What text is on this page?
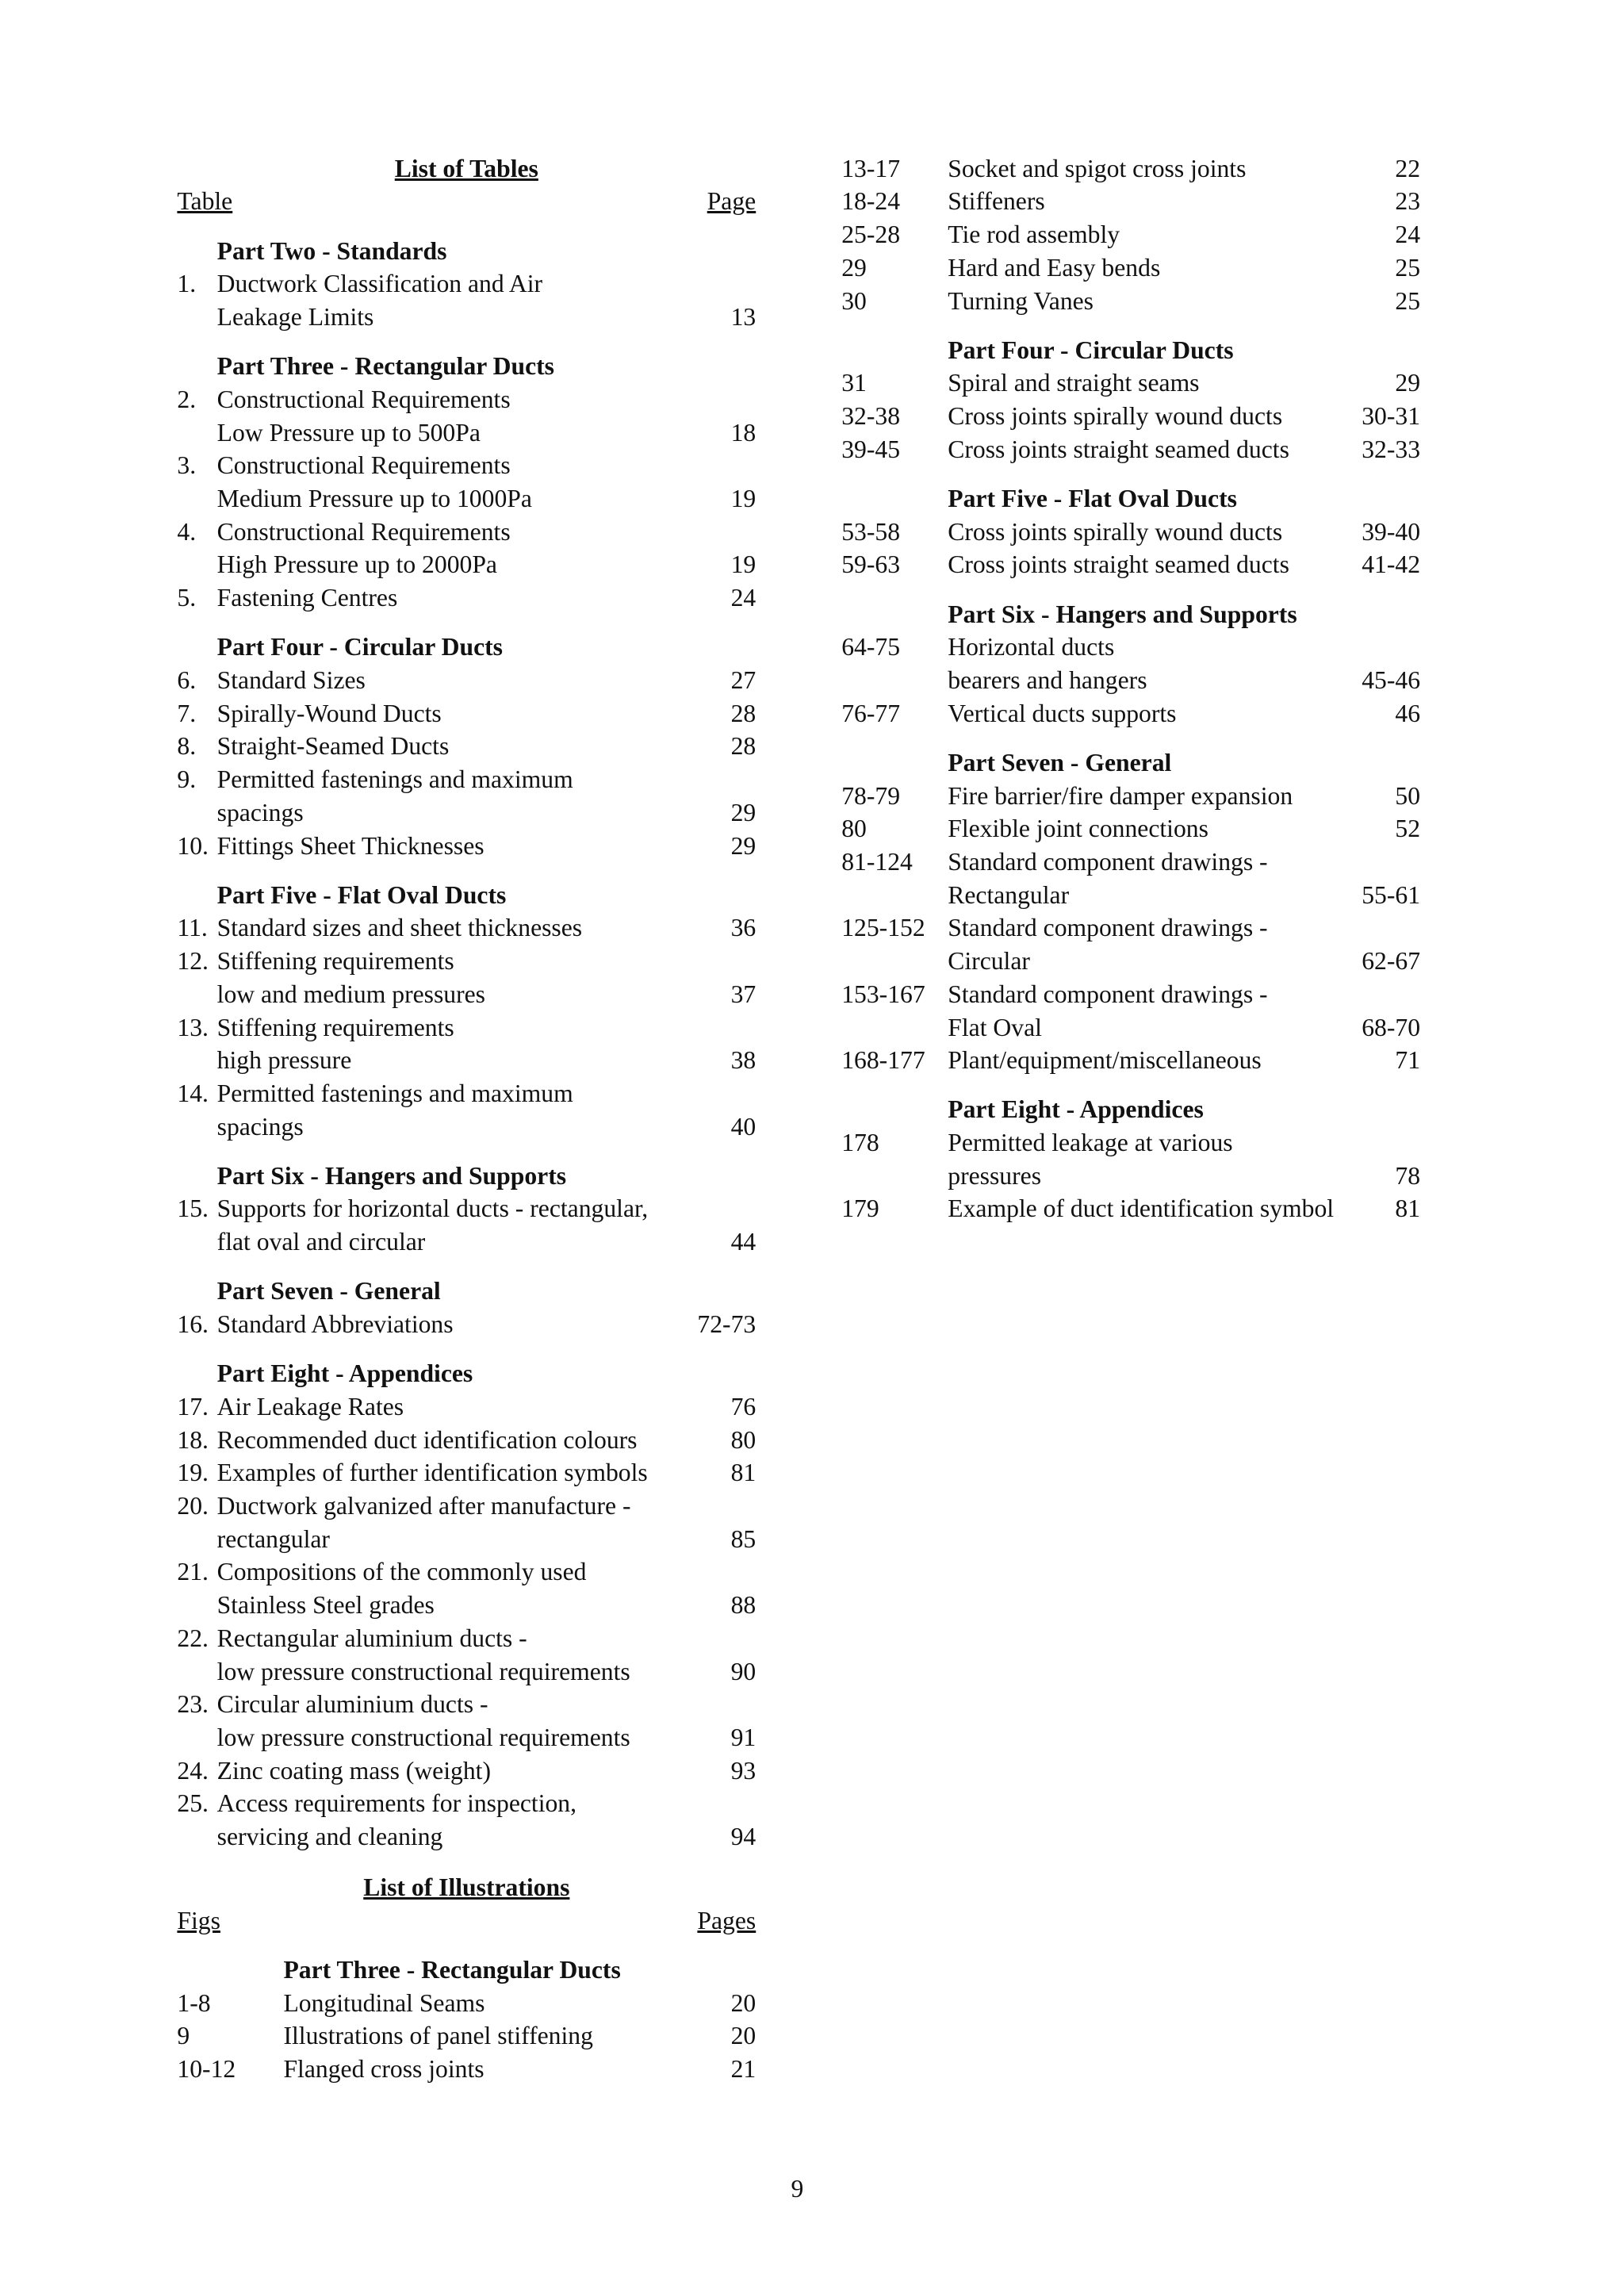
List of Tables
Table	Page
Part Two - Standards
1.	Ductwork Classification and Air
Leakage Limits	13
Part Three - Rectangular Ducts
2.	Constructional Requirements
Low Pressure up to 500Pa	18
3.	Constructional Requirements
Medium Pressure up to 1000Pa	19
4.	Constructional Requirements
High Pressure up to 2000Pa	19
5.	Fastening Centres	24
Part Four - Circular Ducts
6.	Standard Sizes	27
7.	Spirally-Wound Ducts	28
8.	Straight-Seamed Ducts	28
9.	Permitted fastenings and maximum
spacings	29
10. Fittings Sheet Thicknesses	29
Part Five - Flat Oval Ducts
11. Standard sizes and sheet thicknesses	36
12. Stiffening requirements
low and medium pressures	37
13. Stiffening requirements
high pressure	38
14. Permitted fastenings and maximum
spacings	40
Part Six - Hangers and Supports
15. Supports for horizontal ducts - rectangular,
flat oval and circular	44
Part Seven - General
16. Standard Abbreviations	72-73
Part Eight - Appendices
17. Air Leakage Rates	76
18. Recommended duct identification colours	80
19. Examples of further identification symbols	81
20. Ductwork galvanized after manufacture -
rectangular	85
21. Compositions of the commonly used
Stainless Steel grades	88
22. Rectangular aluminium ducts -
low pressure constructional requirements	90
23. Circular aluminium ducts -
low pressure constructional requirements	91
24. Zinc coating mass (weight)	93
25. Access requirements for inspection,
servicing and cleaning	94
List of Illustrations
Figs	Pages
Part Three - Rectangular Ducts
1-8	Longitudinal Seams	20
9	Illustrations of panel stiffening	20
10-12	Flanged cross joints	21
13-17	Socket and spigot cross joints	22
18-24	Stiffeners	23
25-28	Tie rod assembly	24
29	Hard and Easy bends	25
30	Turning Vanes	25
Part Four - Circular Ducts
31	Spiral and straight seams	29
32-38	Cross joints spirally wound ducts	30-31
39-45	Cross joints straight seamed ducts	32-33
Part Five - Flat Oval Ducts
53-58	Cross joints spirally wound ducts	39-40
59-63	Cross joints straight seamed ducts	41-42
Part Six - Hangers and Supports
64-75	Horizontal ducts
bearers and hangers	45-46
76-77	Vertical ducts supports	46
Part Seven - General
78-79	Fire barrier/fire damper expansion	50
80	Flexible joint connections	52
81-124	Standard component drawings -
Rectangular	55-61
125-152	Standard component drawings -
Circular	62-67
153-167	Standard component drawings -
Flat Oval	68-70
168-177	Plant/equipment/miscellaneous	71
Part Eight - Appendices
178	Permitted leakage at various
pressures	78
179	Example of duct identification symbol	81
9
